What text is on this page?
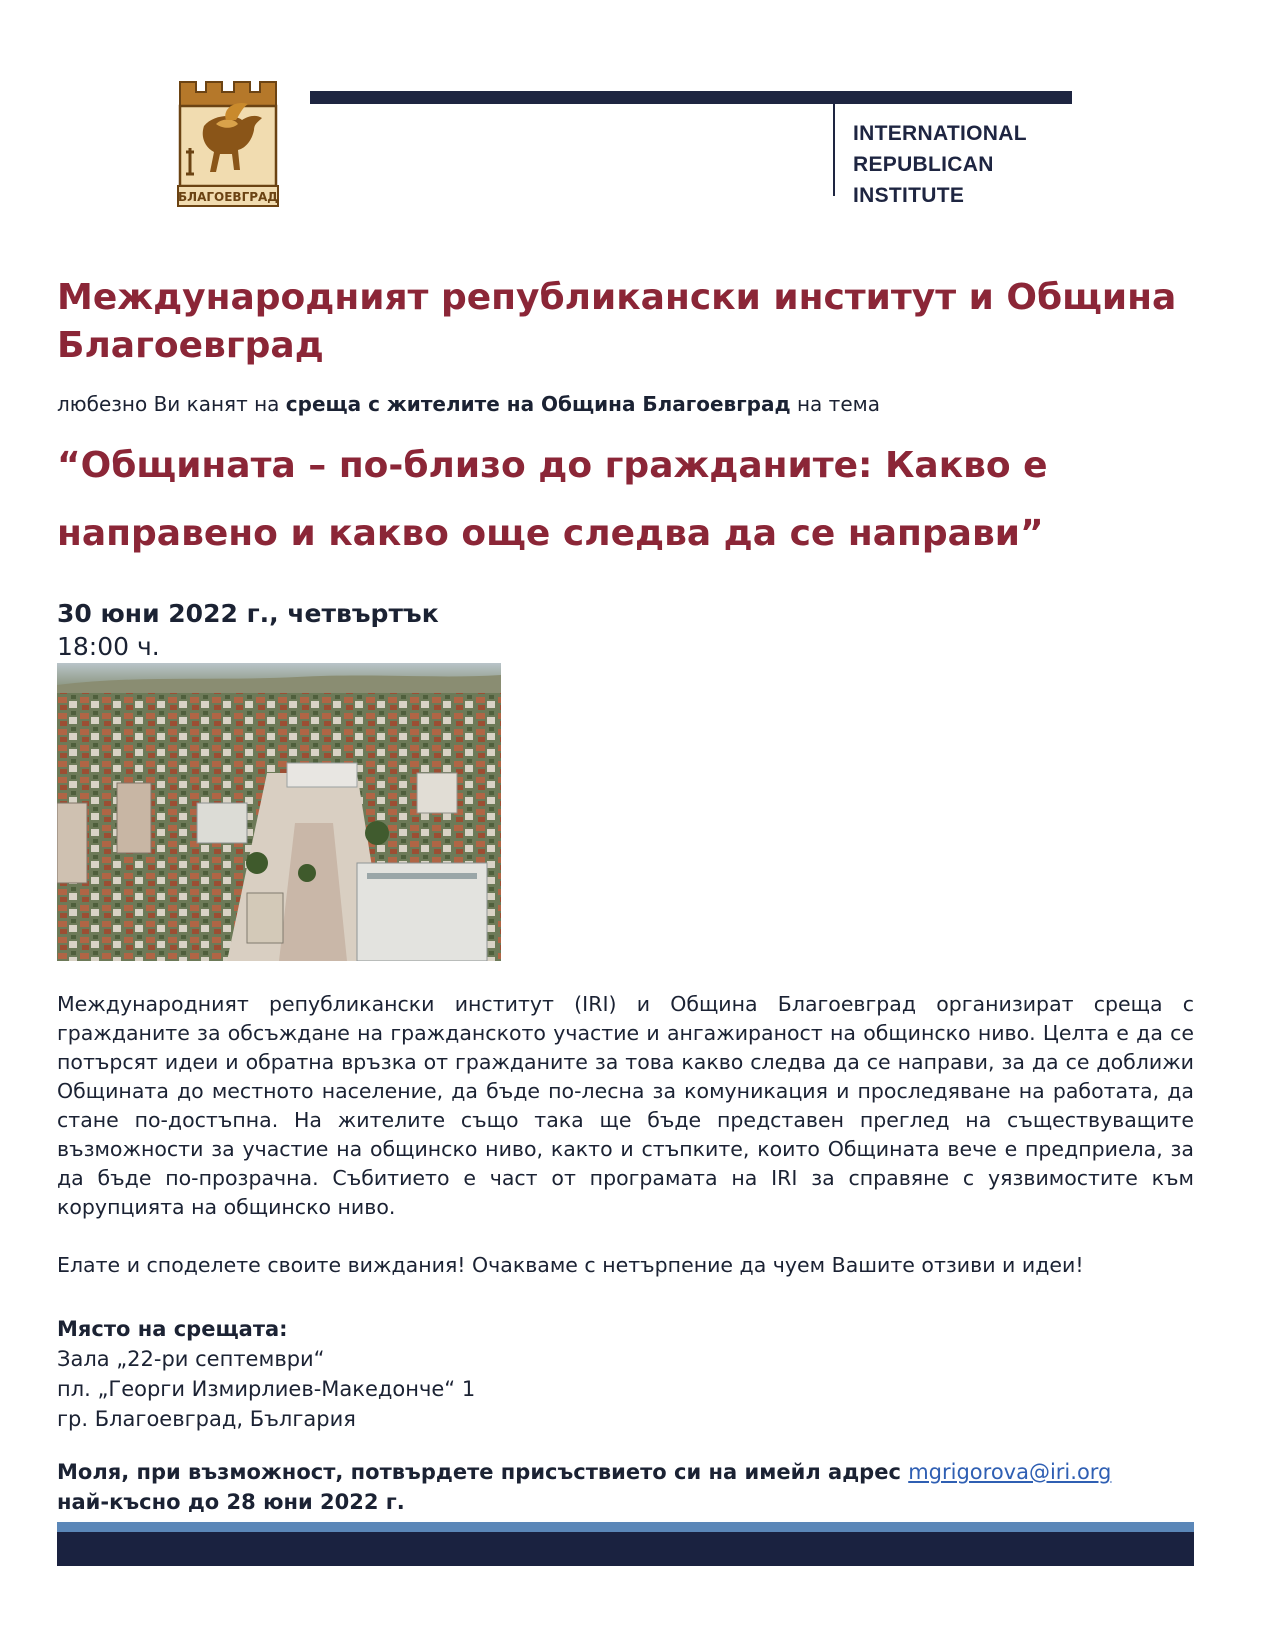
БЛАГОЕВГРАД
INTERNATIONAL
REPUBLICAN
INSTITUTE
Международният републикански институт и Община Благоевград
любезно Ви канят на среща с жителите на Община Благоевград на тема
“Общината – по-близо до гражданите: Какво е
направено и какво още следва да се направи”
30 юни 2022 г., четвъртък
18:00 ч.
Международният републикански институт (IRI) и Община Благоевград организират среща с гражданите за обсъждане на гражданското участие и ангажираност на общинско ниво. Целта е да се потърсят идеи и обратна връзка от гражданите за това какво следва да се направи, за да се доближи Общината до местното население, да бъде по-лесна за комуникация и проследяване на работата, да стане по-достъпна. На жителите също така ще бъде представен преглед на съществуващите възможности за участие на общинско ниво, както и стъпките, които Общината вече е предприела, за да бъде по-прозрачна. Събитието е част от програмата на IRI за справяне с уязвимостите към корупцията на общинско ниво.
Елате и споделете своите виждания! Очакваме с нетърпение да чуем Вашите отзиви и идеи!
Място на срещата:
Зала „22-ри септември“
пл. „Георги Измирлиев-Македонче“ 1
гр. Благоевград, България
Моля, при възможност, потвърдете присъствието си на имейл адрес mgrigorova@iri.org
най-късно до 28 юни 2022 г.
